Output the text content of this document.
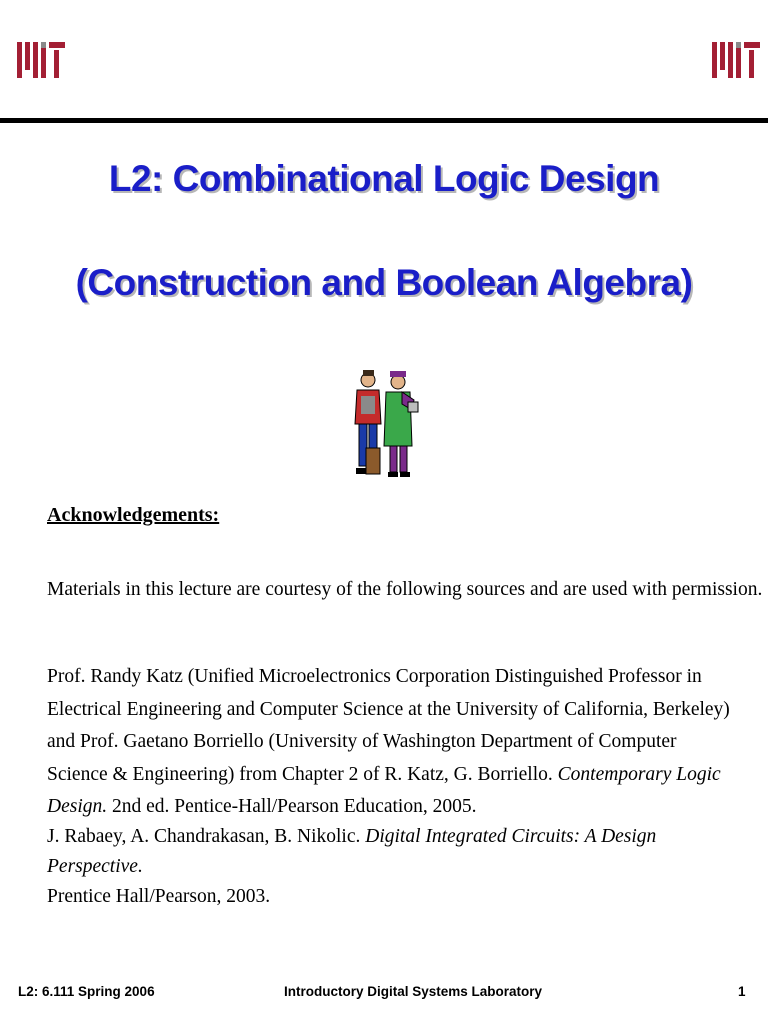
L2: Combinational Logic Design
(Construction and Boolean Algebra)
Acknowledgements:
Materials in this lecture are courtesy of the following sources and are used with permission.
Prof. Randy Katz (Unified Microelectronics Corporation Distinguished Professor in Electrical Engineering and Computer Science at the University of California, Berkeley) and Prof. Gaetano Borriello (University of Washington Department of Computer Science & Engineering) from Chapter 2 of R. Katz, G. Borriello. Contemporary Logic Design. 2nd ed. Pentice-Hall/Pearson Education, 2005.
J. Rabaey, A. Chandrakasan, B. Nikolic. Digital Integrated Circuits: A Design Perspective.
Prentice Hall/Pearson, 2003.
L2: 6.111 Spring 2006	Introductory Digital Systems Laboratory	1
